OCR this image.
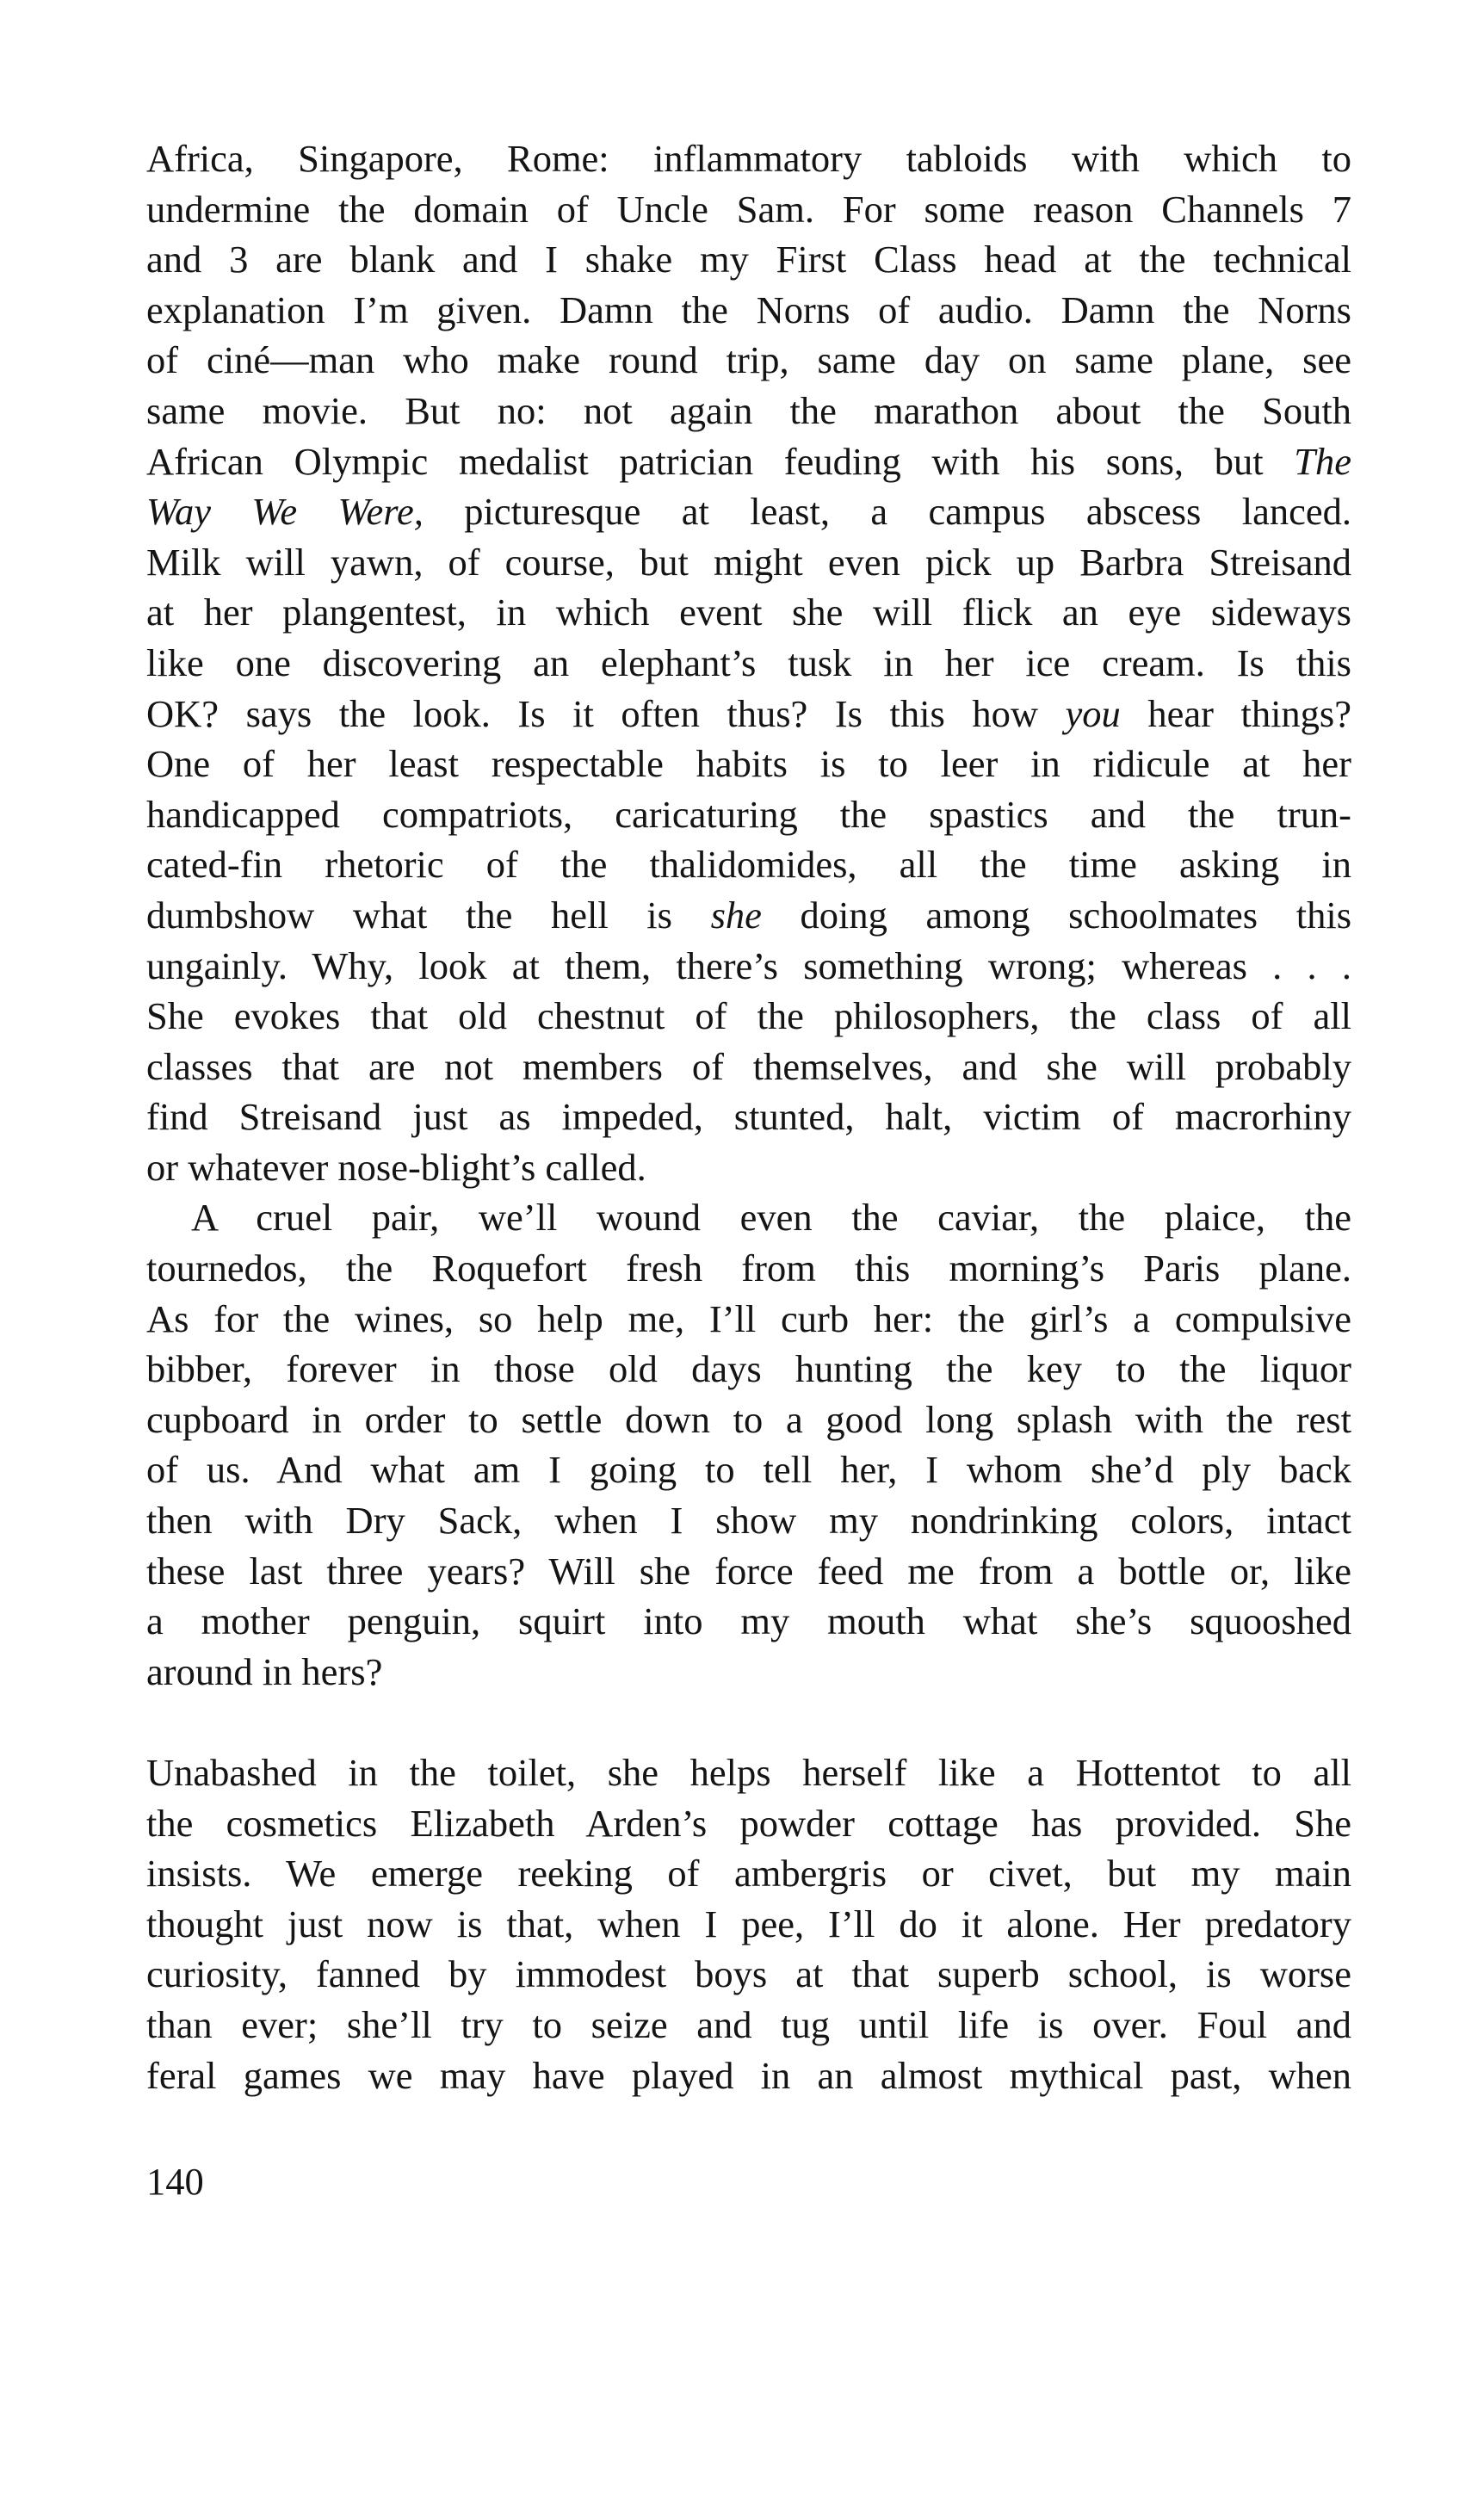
Africa, Singapore, Rome: inflammatory tabloids with which to
undermine the domain of Uncle Sam. For some reason Channels 7
and 3 are blank and I shake my First Class head at the technical
explanation I’m given. Damn the Norns of audio. Damn the Norns
of ciné—man who make round trip, same day on same plane, see
same movie. But no: not again the marathon about the South
African Olympic medalist patrician feuding with his sons, but The
Way We Were, picturesque at least, a campus abscess lanced.
Milk will yawn, of course, but might even pick up Barbra Streisand
at her plangentest, in which event she will flick an eye sideways
like one discovering an elephant’s tusk in her ice cream. Is this
OK? says the look. Is it often thus? Is this how you hear things?
One of her least respectable habits is to leer in ridicule at her
handicapped compatriots, caricaturing the spastics and the trun-
cated-fin rhetoric of the thalidomides, all the time asking in
dumbshow what the hell is she doing among schoolmates this
ungainly. Why, look at them, there’s something wrong; whereas . . .
She evokes that old chestnut of the philosophers, the class of all
classes that are not members of themselves, and she will probably
find Streisand just as impeded, stunted, halt, victim of macrorhiny
or whatever nose-blight’s called.

A cruel pair, we’ll wound even the caviar, the plaice, the
tournedos, the Roquefort fresh from this morning’s Paris plane.
As for the wines, so help me, I’ll curb her: the girl’s a compulsive
bibber, forever in those old days hunting the key to the liquor
cupboard in order to settle down to a good long splash with the rest
of us. And what am I going to tell her, I whom she’d ply back
then with Dry Sack, when I show my nondrinking colors, intact
these last three years? Will she force feed me from a bottle or, like
a mother penguin, squirt into my mouth what she’s squooshed
around in hers?

Unabashed in the toilet, she helps herself like a Hottentot to all
the cosmetics Elizabeth Arden’s powder cottage has provided. She
insists. We emerge reeking of ambergris or civet, but my main
thought just now is that, when I pee, I’ll do it alone. Her predatory
curiosity, fanned by immodest boys at that superb school, is worse
than ever; she’ll try to seize and tug until life is over. Foul and
feral games we may have played in an almost mythical past, when

140
